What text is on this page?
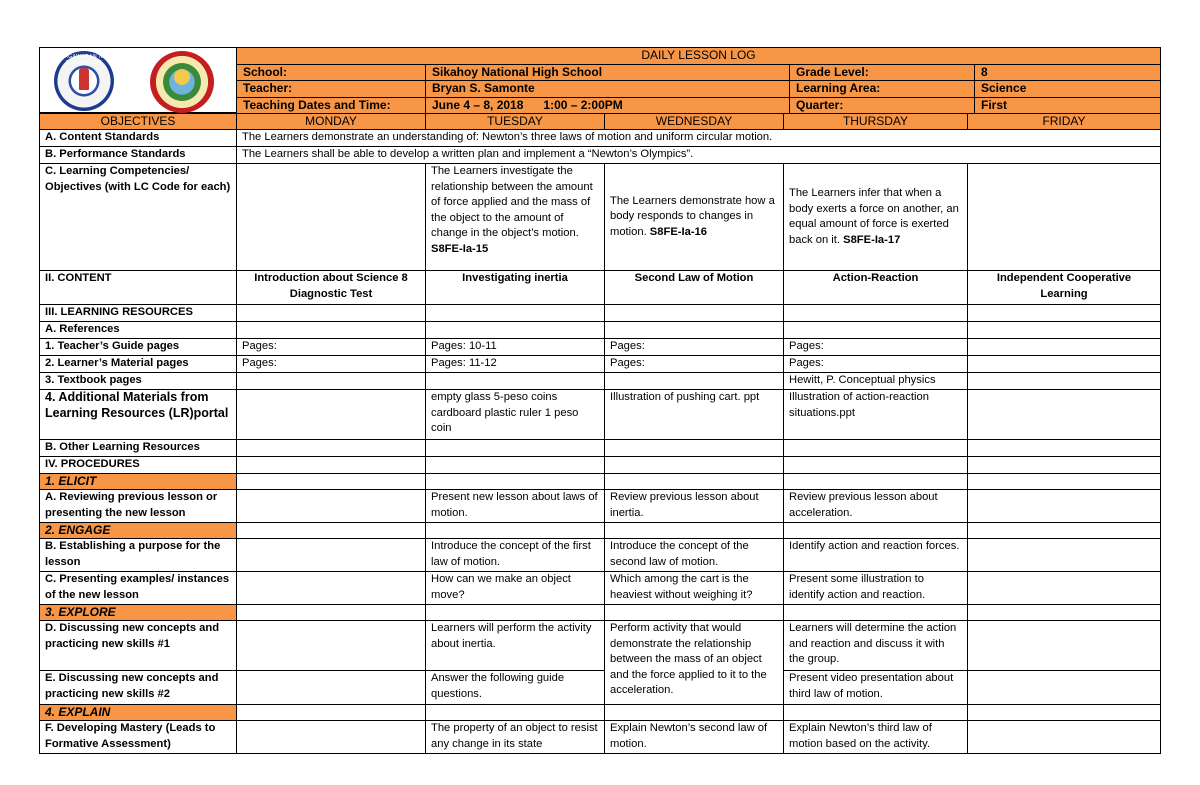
KAGAWARAN NG EDUKASYON
DAILY LESSON LOG			
School:	Sikahoy National High School	Grade Level:	8
Teacher:	Bryan S. Samonte	Learning Area:	Science
Teaching Dates and Time:	June 4 – 8, 2018      1:00 – 2:00PM	Quarter:	First
OBJECTIVES	MONDAY	TUESDAY	WEDNESDAY	THURSDAY	FRIDAY
A. Content Standards	The Learners demonstrate an understanding of: Newton’s three laws of motion and uniform circular motion.				
B. Performance Standards	The Learners shall be able to develop a written plan and implement a “Newton’s Olympics”.				
C. Learning Competencies/ Objectives (with LC Code for each)		The Learners investigate the relationship between the amount of force applied and the mass of the object to the amount of change in the object’s motion. S8FE-Ia-15	The Learners demonstrate how a body responds to changes in motion. S8FE-Ia-16	The Learners infer that when a body exerts a force on another, an equal amount of force is exerted back on it. S8FE-Ia-17	
II. CONTENT	Introduction about Science 8 Diagnostic Test	Investigating inertia	Second Law of Motion	Action-Reaction	Independent Cooperative Learning
III. LEARNING RESOURCES					
A. References					
1. Teacher’s Guide pages	Pages:	Pages: 10-11	Pages:	Pages:	
2. Learner’s Material pages	Pages:	Pages: 11-12	Pages:	Pages:	
3. Textbook pages				Hewitt, P. Conceptual physics	
4. Additional Materials from Learning Resources (LR)portal		empty glass 5-peso coins cardboard plastic ruler 1 peso coin	Illustration of pushing cart. ppt	Illustration of action-reaction situations.ppt	
B. Other Learning Resources					
IV. PROCEDURES					
1. ELICIT					
A. Reviewing previous lesson or presenting the new lesson		Present new lesson about laws of motion.	Review previous lesson about inertia.	Review previous lesson about acceleration.	
2. ENGAGE					
B. Establishing a purpose for the lesson		Introduce the concept of the first law of motion.	Introduce the concept of the second law of motion.	Identify action and reaction forces.	
C. Presenting examples/ instances of the new lesson		How can we make an object move?	Which among the cart is the heaviest without weighing it?	Present some illustration to identify action and reaction.	
3. EXPLORE					
D. Discussing new concepts and practicing new skills #1		Learners will perform the activity about inertia.	Perform activity that would demonstrate the relationship between the mass of an object and the force applied to it to the acceleration.	Learners will determine the action and reaction and discuss it with the group.	
E. Discussing new concepts and practicing new skills #2		Answer the following guide questions.		Present video presentation about third law of motion.	
4. EXPLAIN					
F. Developing Mastery (Leads to Formative Assessment)		The property of an object to resist any change in its state	Explain Newton’s second law of motion.	Explain Newton’s third law of motion based on the activity.	
